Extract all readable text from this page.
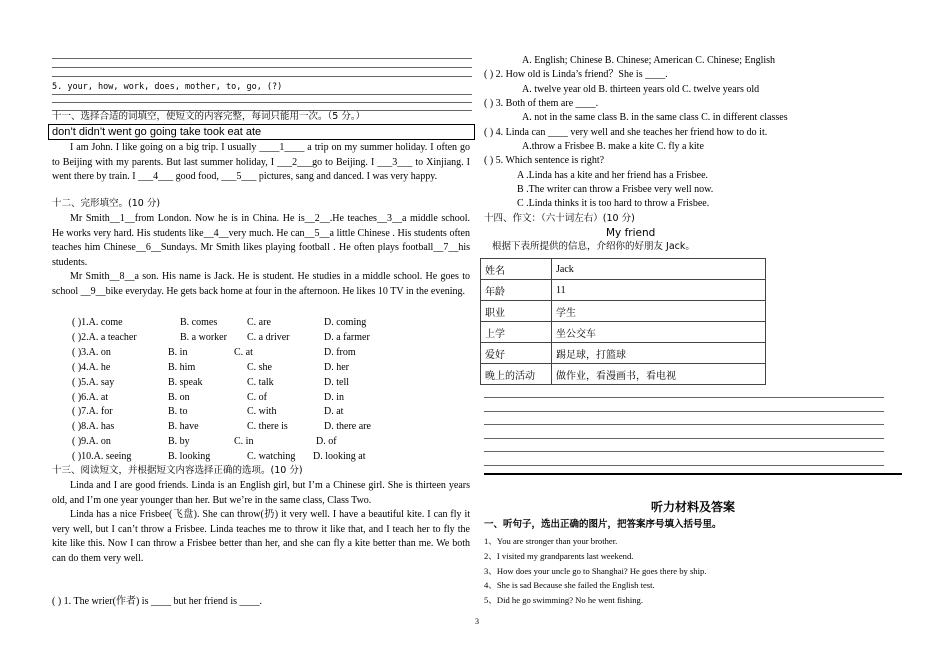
5. your, how, work, does, mother, to, go, (?)
十一、选择合适的词填空，使短文的内容完整，每词只能用一次。（5 分。）
don’t didn’t went go going take took eat ate
I am John. I like going on a big trip. I usually ____1____ a trip on my summer holiday. I often go to Beijing with my parents. But last summer holiday, I ___2___go to Beijing. I ___3___ to Xinjiang. I went there by train. I ___4___ good food, ___5___ pictures, sang and danced. I was very happy.
十二、完形填空。(10 分)
Mr Smith__1__from London. Now he is in China. He is__2__.He teaches__3__a middle school. He works very hard. His students like__4__very much. He can__5__a little Chinese . His students often teaches him Chinese__6__Sundays. Mr Smith likes playing football . He often plays football__7__his students.
Mr Smith__8__a son. His name is Jack. He is student. He studies in a middle school. He goes to school __9__bike everyday. He gets back home at four in the afternoon. He likes 10 TV in the evening.
( )1.A. come	B. comes	C. are	D. coming
( )2.A. a teacher	B. a worker C. a driver	D. a farmer
( )3.A. on	B. in	C. at	D. from
( )4.A. he	B. him	C. she	D. her
( )5.A. say	B. speak	C. talk	D. tell
( )6.A. at	B. on	C. of	D. in
( )7.A. for	B. to	C. with	D. at
( )8.A. has	B. have	C. there is	D. there are
( )9.A. on	B. by	C. in	D. of
( )10.A. seeing	B. looking	C. watching D. looking at
十三、阅读短文，并根据短文内容选择正确的选项。(10 分)
Linda and I are good friends. Linda is an English girl, but I’m a Chinese girl. She is thirteen years old, and I’m one year younger than her. But we’re in the same class, Class Two.
Linda has a nice Frisbee(飞盘). She can throw(扔) it very well. I have a beautiful kite. I can fly it very well, but I can’t throw a Frisbee. Linda teaches me to throw it like that, and I teach her to fly the kite like this. Now I can throw a Frisbee better than her, and she can fly a kite better than me. We both can do them very well.
( ) 1. The wrier(作者) is ____ but her friend is ____.
A. English; Chinese B. Chinese; American C. Chinese; English
( ) 2. How old is Linda’s friend？She is ____.
A. twelve year old B. thirteen years old C. twelve years old
( ) 3. Both of them are ____.
A. not in the same class B. in the same class C. in different classes
( ) 4. Linda can ____ very well and she teaches her friend how to do it.
A.throw a Frisbee B. make a kite C. fly a kite
( ) 5. Which sentence is right?
A .Linda has a kite and her friend has a Frisbee.
B .The writer can throw a Frisbee very well now.
C .Linda thinks it is too hard to throw a Frisbee.
十四、作文：（六十词左右）(10 分)
My friend
根据下表所提供的信息，介绍你的好朋友 Jack。
姓名	Jack
年龄	11
职业	学生
上学	坐公交车
爱好	踢足球，打篮球
晚上的活动	做作业，看漫画书，看电视
听力材料及答案
一、听句子，选出正确的图片，把答案序号填入括号里。
1、You are stronger than your brother.
2、I visited my grandparents last weekend.
3、How does your uncle go to Shanghai? He goes there by ship.
4、She is sad Because she failed the English test.
5、Did he go swimming? No he went fishing.
3
